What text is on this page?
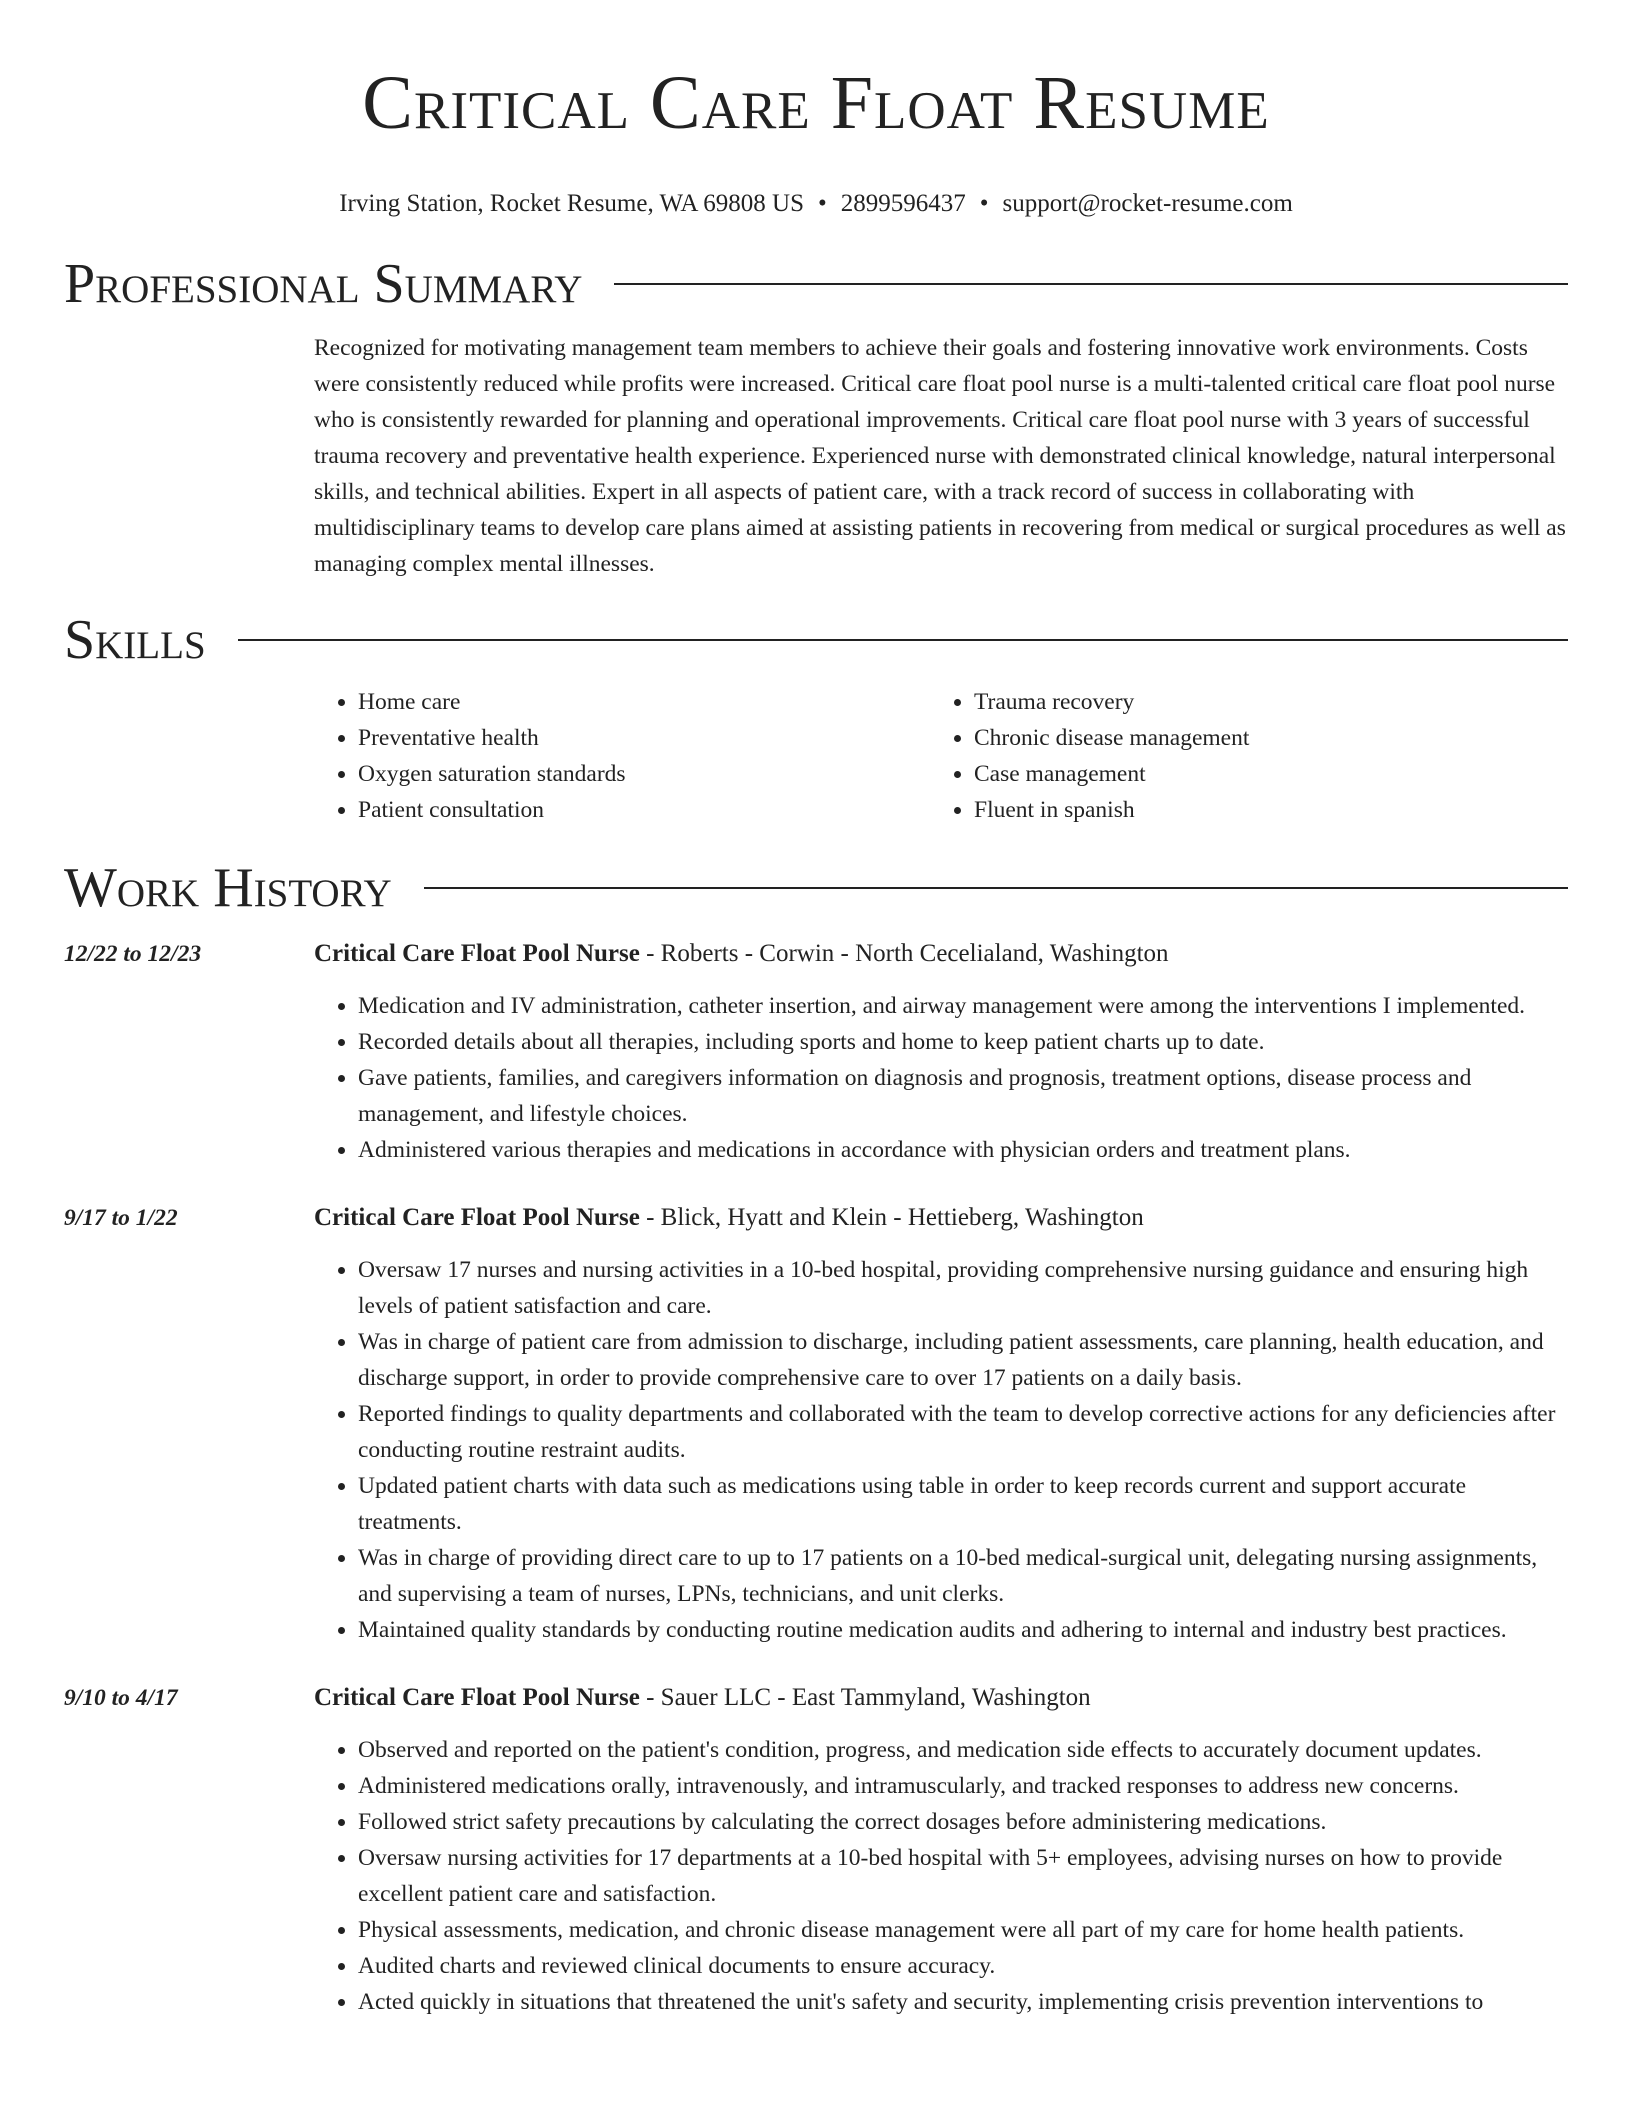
Critical Care Float Resume
Irving Station, Rocket Resume, WA 69808 US • 2899596437 • support@rocket-resume.com
Professional Summary
Recognized for motivating management team members to achieve their goals and fostering innovative work environments. Costs were consistently reduced while profits were increased. Critical care float pool nurse is a multi-talented critical care float pool nurse who is consistently rewarded for planning and operational improvements. Critical care float pool nurse with 3 years of successful trauma recovery and preventative health experience. Experienced nurse with demonstrated clinical knowledge, natural interpersonal skills, and technical abilities. Expert in all aspects of patient care, with a track record of success in collaborating with multidisciplinary teams to develop care plans aimed at assisting patients in recovering from medical or surgical procedures as well as managing complex mental illnesses.
Skills
• Home care
• Preventative health
• Oxygen saturation standards
• Patient consultation
• Trauma recovery
• Chronic disease management
• Case management
• Fluent in spanish
Work History
12/22 to 12/23	Critical Care Float Pool Nurse - Roberts - Corwin - North Cecelialand, Washington
• Medication and IV administration, catheter insertion, and airway management were among the interventions I implemented.
• Recorded details about all therapies, including sports and home to keep patient charts up to date.
• Gave patients, families, and caregivers information on diagnosis and prognosis, treatment options, disease process and management, and lifestyle choices.
• Administered various therapies and medications in accordance with physician orders and treatment plans.
9/17 to 1/22	Critical Care Float Pool Nurse - Blick, Hyatt and Klein - Hettieberg, Washington
• Oversaw 17 nurses and nursing activities in a 10-bed hospital, providing comprehensive nursing guidance and ensuring high levels of patient satisfaction and care.
• Was in charge of patient care from admission to discharge, including patient assessments, care planning, health education, and discharge support, in order to provide comprehensive care to over 17 patients on a daily basis.
• Reported findings to quality departments and collaborated with the team to develop corrective actions for any deficiencies after conducting routine restraint audits.
• Updated patient charts with data such as medications using table in order to keep records current and support accurate treatments.
• Was in charge of providing direct care to up to 17 patients on a 10-bed medical-surgical unit, delegating nursing assignments, and supervising a team of nurses, LPNs, technicians, and unit clerks.
• Maintained quality standards by conducting routine medication audits and adhering to internal and industry best practices.
9/10 to 4/17	Critical Care Float Pool Nurse - Sauer LLC - East Tammyland, Washington
• Observed and reported on the patient's condition, progress, and medication side effects to accurately document updates.
• Administered medications orally, intravenously, and intramuscularly, and tracked responses to address new concerns.
• Followed strict safety precautions by calculating the correct dosages before administering medications.
• Oversaw nursing activities for 17 departments at a 10-bed hospital with 5+ employees, advising nurses on how to provide excellent patient care and satisfaction.
• Physical assessments, medication, and chronic disease management were all part of my care for home health patients.
• Audited charts and reviewed clinical documents to ensure accuracy.
• Acted quickly in situations that threatened the unit's safety and security, implementing crisis prevention interventions to
